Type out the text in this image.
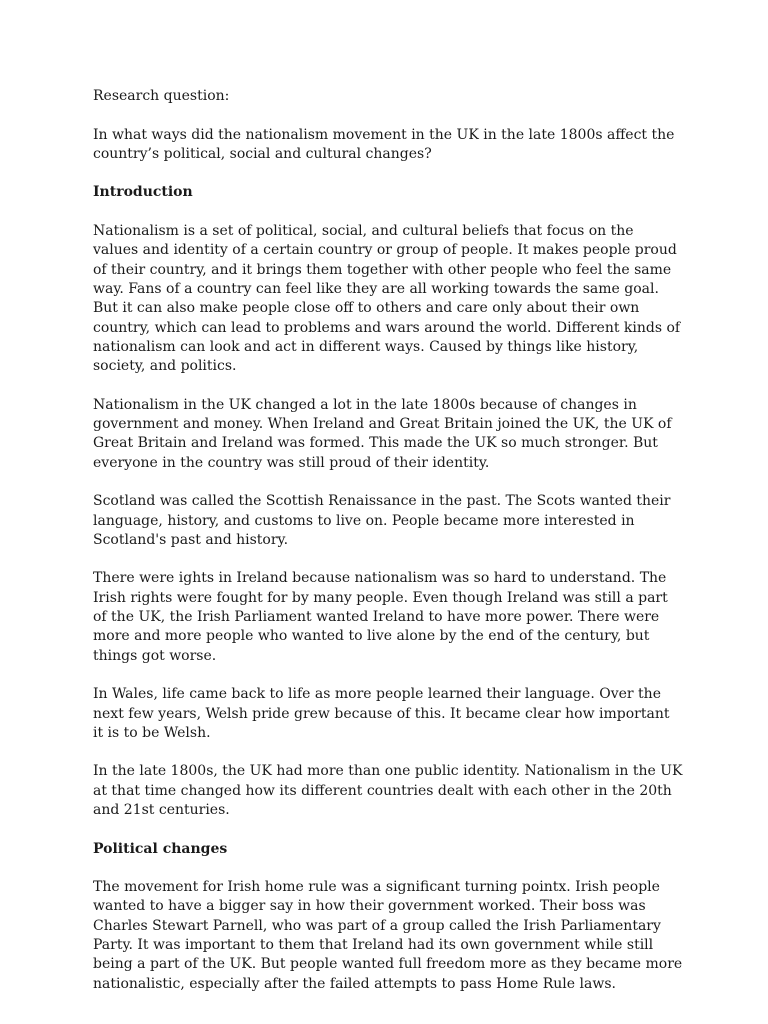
Research question:

In what ways did the nationalism movement in the UK in the late 1800s affect the country’s political, social and cultural changes?

Introduction

Nationalism is a set of political, social, and cultural beliefs that focus on the values and identity of a certain country or group of people. It makes people proud of their country, and it brings them together with other people who feel the same way. Fans of a country can feel like they are all working towards the same goal. But it can also make people close off to others and care only about their own country, which can lead to problems and wars around the world. Different kinds of nationalism can look and act in different ways. Caused by things like history, society, and politics.

Nationalism in the UK changed a lot in the late 1800s because of changes in government and money. When Ireland and Great Britain joined the UK, the UK of Great Britain and Ireland was formed. This made the UK so much stronger. But everyone in the country was still proud of their identity.

Scotland was called the Scottish Renaissance in the past. The Scots wanted their language, history, and customs to live on. People became more interested in Scotland's past and history.

There were ights in Ireland because nationalism was so hard to understand. The Irish rights were fought for by many people. Even though Ireland was still a part of the UK, the Irish Parliament wanted Ireland to have more power. There were more and more people who wanted to live alone by the end of the century, but things got worse.

In Wales, life came back to life as more people learned their language. Over the next few years, Welsh pride grew because of this. It became clear how important it is to be Welsh.

In the late 1800s, the UK had more than one public identity. Nationalism in the UK at that time changed how its different countries dealt with each other in the 20th and 21st centuries.

Political changes

The movement for Irish home rule was a significant turning pointx. Irish people wanted to have a bigger say in how their government worked. Their boss was Charles Stewart Parnell, who was part of a group called the Irish Parliamentary Party. It was important to them that Ireland had its own government while still being a part of the UK. But people wanted full freedom more as they became more nationalistic, especially after the failed attempts to pass Home Rule laws.
